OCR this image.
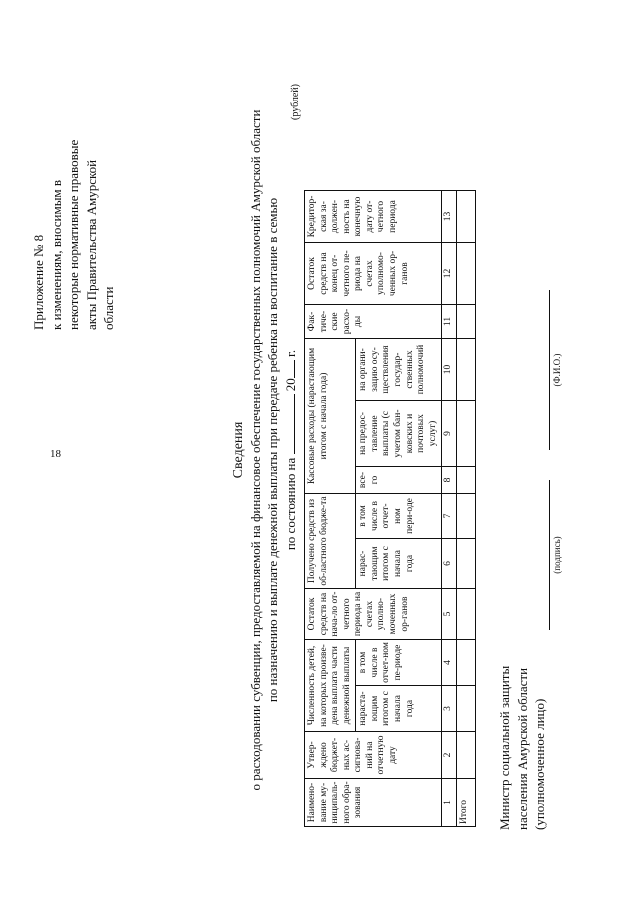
18
Приложение № 8 к изменениям, вносимым в некоторые нормативные правовые акты Правительства Амурской области
Сведения о расходовании субвенции, предоставляемой на финансовое обеспечение государственных полномочий Амурской области по назначению и выплате денежной выплаты при передаче ребенка на воспитание в семью по состоянию на  20 г.
(рублей)
Наимено-вание му-ниципаль-ного обра-зования	Утвер-ждено бюджет-ных ас-сигнова-ний на отчетную дату	Численность детей, на которых произве-дена выплата части денежной выплаты		Остаток средств на нача-ло от-четного периода на счетах уполно-моченных ор-ганов	Получено средств из об-ластного бюдже-та		Кассовые расходы (нарастающим итогом с начала года)			Фак-тиче-ские расхо-ды	Остаток средств на конец от-четного пе-риода на счетах уполномо-ченных ор-ганов	Кредитор-ская за-должен-ность на конечную дату от-четного периода
		нараста-ющим итогом с начала года	в том числе в отчет-ном пе-риоде		нарас-тающим итогом с начала года	в том числе в отчет-ном пери-оде	все-го	на предос-тавление выплаты (с учетом бан-ковских и почтовых услуг)	на органи-зацию осу-ществления государ-ственных полномочий			
1	2	3	4	5	6	7	8	9	10	11	12	13
Итого												Министр социальной защиты населения Амурской области (уполномоченное лицо)
(подпись)
(Ф.И.О.)
